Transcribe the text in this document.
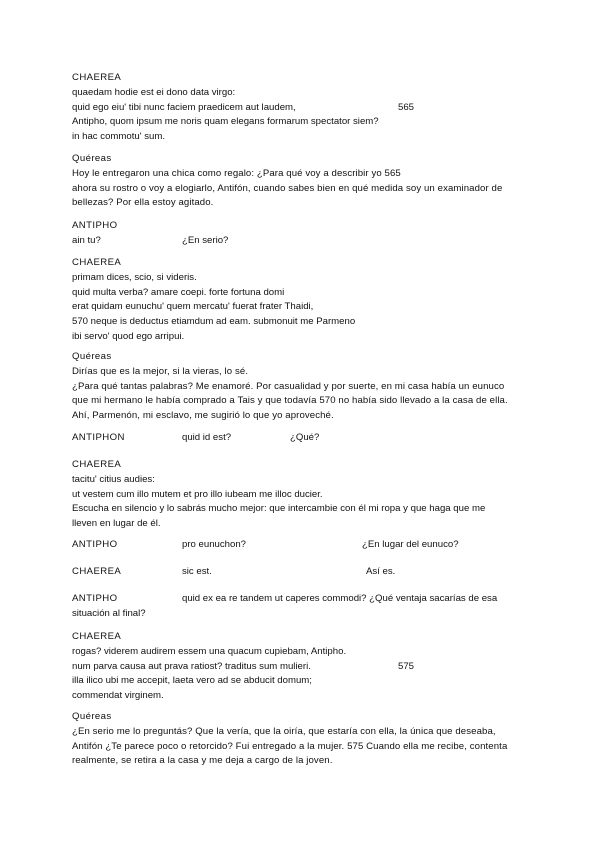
CHAEREA
quaedam hodie est ei dono data virgo:
quid ego eiu' tibi nunc faciem praedicem aut laudem,	565
Antipho, quom ipsum me noris quam elegans formarum spectator siem?
in hac commotu' sum.
Quéreas
Hoy le entregaron una chica como regalo: ¿Para qué voy a describir yo 565
ahora su rostro o voy a elogiarlo, Antifón, cuando sabes bien en qué medida soy un examinador de
bellezas? Por ella estoy agitado.
ANTIPHO
ain tu?	¿En serio?
CHAEREA
primam dices, scio, si videris.
quid multa verba? amare coepi. forte fortuna domi
erat quidam eunuchu' quem mercatu' fuerat frater Thaidi,
570 neque is deductus etiamdum ad eam. submonuit me Parmeno
ibi servo' quod ego arripui.
Quéreas
Dirías que es la mejor, si la vieras, lo sé.
¿Para qué tantas palabras? Me enamoré. Por casualidad y por suerte, en mi casa había un eunuco
que mi hermano le había comprado a Tais y que todavía 570 no había sido llevado a la casa de ella.
Ahí, Parmenón, mi esclavo, me sugirió lo que yo aproveché.
ANTIPHON	quid id est?	¿Qué?
CHAEREA
tacitu' citius audies:
ut vestem cum illo mutem et pro illo iubeam me illoc ducier.
Escucha en silencio y lo sabrás mucho mejor: que intercambie con él mi ropa y que haga que me
lleven en lugar de él.
ANTIPHO	pro eunuchon?	¿En lugar del eunuco?
CHAEREA	sic est.	Así es.
ANTIPHO	quid ex ea re tandem ut caperes commodi? ¿Qué ventaja sacarías de esa
situación al final?
CHAEREA
rogas? viderem audirem essem una quacum cupiebam, Antipho.
num parva causa aut prava ratiost? traditus sum mulieri.	575
illa ilico ubi me accepit, laeta vero ad se abducit domum;
commendat virginem.
Quéreas
¿En serio me lo preguntás? Que la vería, que la oiría, que estaría con ella, la única que deseaba,
Antifón ¿Te parece poco o retorcido? Fui entregado a la mujer. 575 Cuando ella me recibe, contenta
realmente, se retira a la casa y me deja a cargo de la joven.
